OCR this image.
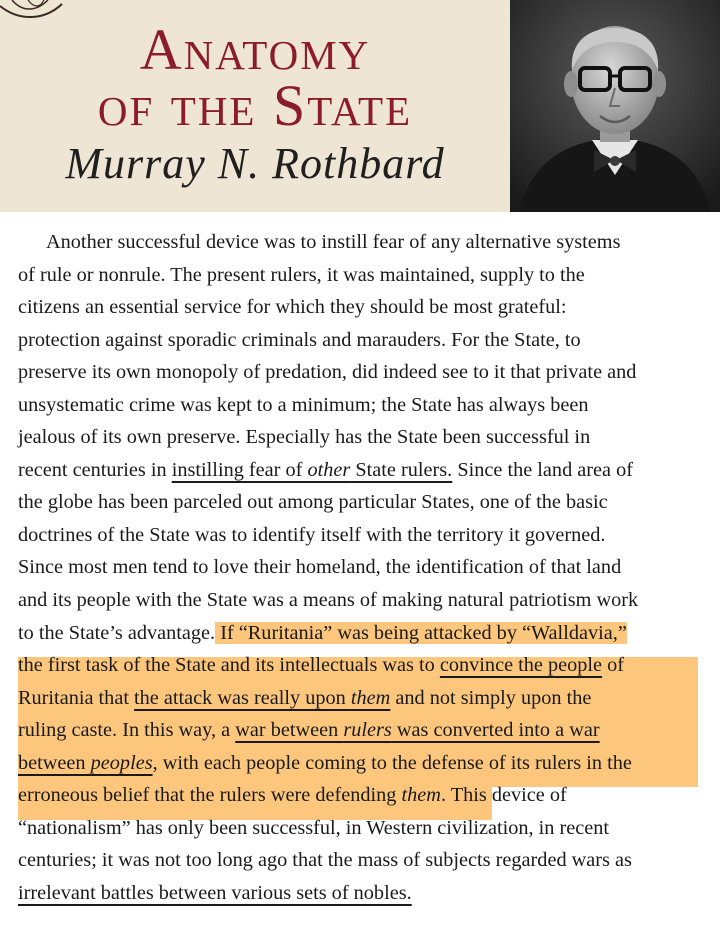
Anatomy
of the State
Murray N. Rothbard
Another successful device was to instill fear of any alternative systems
of rule or nonrule. The present rulers, it was maintained, supply to the
citizens an essential service for which they should be most grateful:
protection against sporadic criminals and marauders. For the State, to
preserve its own monopoly of predation, did indeed see to it that private and
unsystematic crime was kept to a minimum; the State has always been
jealous of its own preserve. Especially has the State been successful in
recent centuries in instilling fear of other State rulers. Since the land area of
the globe has been parceled out among particular States, one of the basic
doctrines of the State was to identify itself with the territory it governed.
Since most men tend to love their homeland, the identification of that land
and its people with the State was a means of making natural patriotism work
to the State’s advantage. If “Ruritania” was being attacked by “Walldavia,”
the first task of the State and its intellectuals was to convince the people of
Ruritania that the attack was really upon them and not simply upon the
ruling caste. In this way, a war between rulers was converted into a war
between peoples, with each people coming to the defense of its rulers in the
erroneous belief that the rulers were defending them. This device of
“nationalism” has only been successful, in Western civilization, in recent
centuries; it was not too long ago that the mass of subjects regarded wars as
irrelevant battles between various sets of nobles.
